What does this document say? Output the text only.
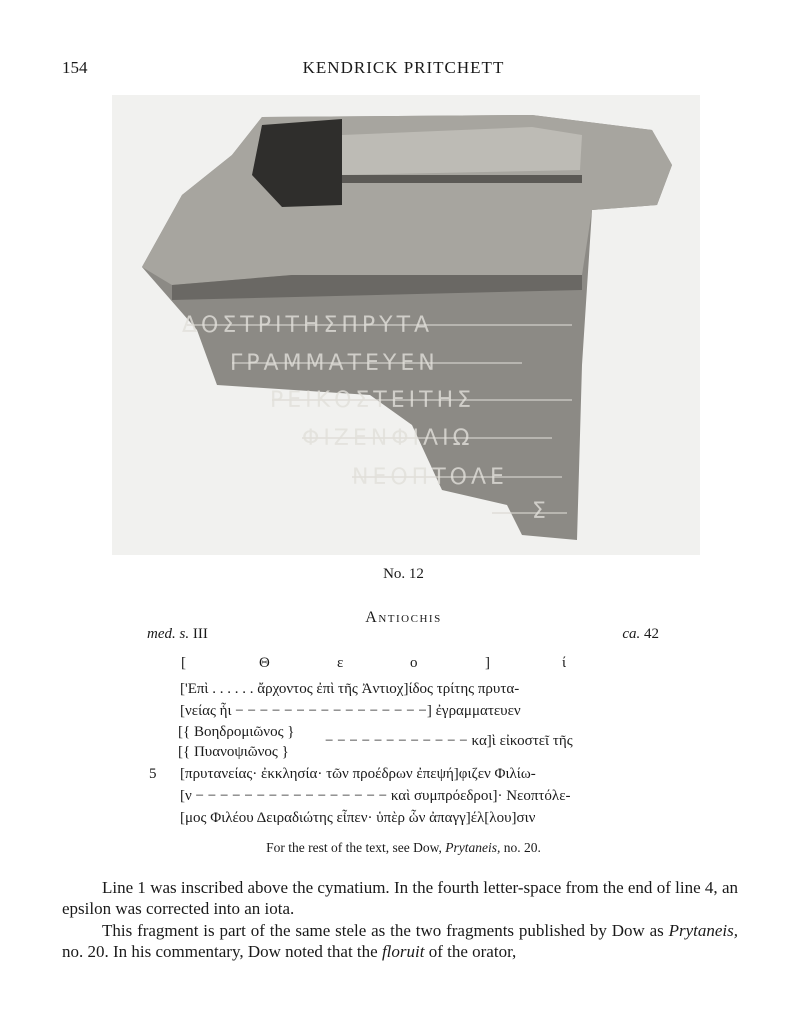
154	KENDRICK PRITCHETT
ΔΟΣΤΡΙΤΗΣΠΡΥΤΑ
ΓΡΑΜΜΑΤΕΥΕΝ
ΡΕΙΚΟΣΤΕΙΤΗΣ
ΦΙΖΕΝΦΙΛΙΩ
ΝΕΟΠΤΟΛΕ
Σ
No. 12
Antiochis
med. s. III	ca. 42
[	Θ	ε	ο	]	ί
['Επὶ . . . . . . ἄρχοντος ἐπὶ τῆς Ἀντιοχ]ίδος τρίτης πρυτα-
[νείας ἧι − − − − − − − − − − − − − − − −] ἐγραμματευεν
[{ Βοηδρομιῶνος }
[{ Πυανοψιῶνος }
− − − − − − − − − − − − κα]ὶ εἰκοστεῖ τῆς
5 [πρυτανείας· ἐκκλησία· τῶν προέδρων ἐπεψή]φιζεν Φιλίω-
[ν − − − − − − − − − − − − − − − − καὶ συμπρόεδροι]· Νεοπτόλε-
[μος Φιλέου Δειραδιώτης εἶπεν· ὑπὲρ ὧν ἀπαγγ]έλ[λου]σιν
For the rest of the text, see Dow, Prytaneis, no. 20.
Line 1 was inscribed above the cymatium. In the fourth letter-space from the end of line 4, an epsilon was corrected into an iota.
This fragment is part of the same stele as the two fragments published by Dow as Prytaneis, no. 20. In his commentary, Dow noted that the floruit of the orator,
